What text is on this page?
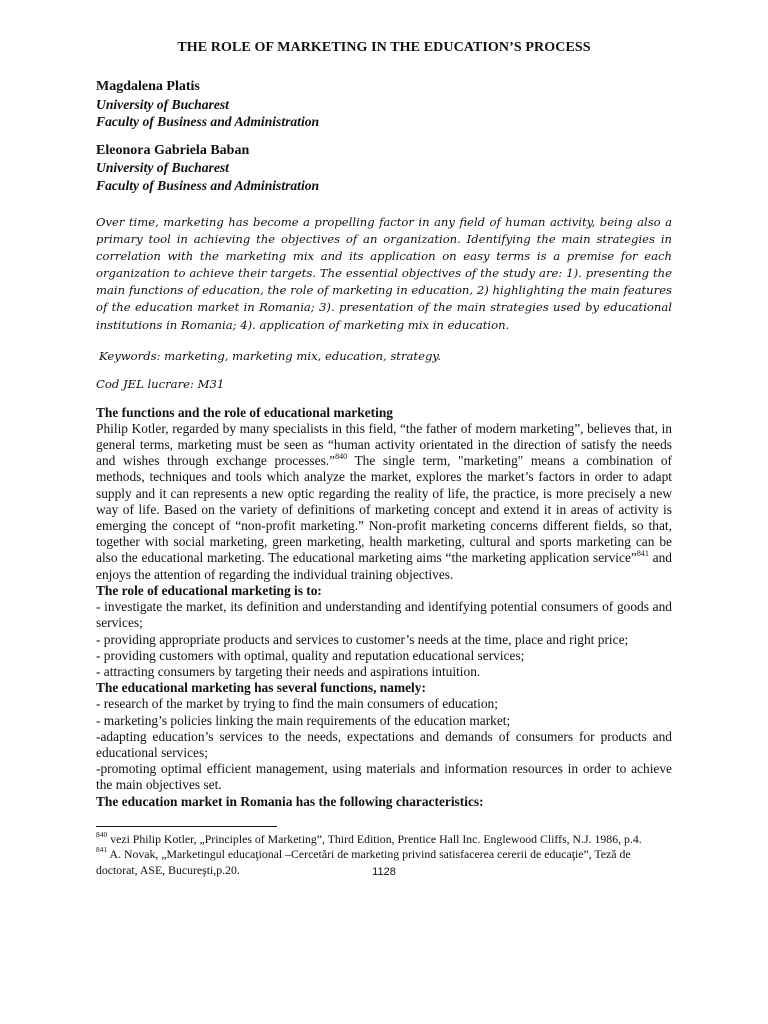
THE ROLE OF MARKETING IN THE EDUCATION’S PROCESS
Magdalena Platis
University of Bucharest
Faculty of Business and Administration
Eleonora Gabriela Baban
University of Bucharest
Faculty of Business and Administration
Over time, marketing has become a propelling factor in any field of human activity, being also a primary tool in achieving the objectives of an organization. Identifying the main strategies in correlation with the marketing mix and its application on easy terms is a premise for each organization to achieve their targets. The essential objectives of the study are: 1). presenting the main functions of education, the role of marketing in education, 2) highlighting the main features of the education market in Romania; 3). presentation of the main strategies used by educational institutions in Romania; 4). application of marketing mix in education.
Keywords: marketing, marketing mix, education, strategy.
Cod JEL lucrare: M31
The functions and the role of educational marketing

Philip Kotler, regarded by many specialists in this field, “the father of modern marketing”, believes that, in general terms, marketing must be seen as “human activity orientated in the direction of satisfy the needs and wishes through exchange processes.”$^{840}$ The single term, "marketing" means a combination of methods, techniques and tools which analyze the market, explores the market’s factors in order to adapt supply and it can represents a new optic regarding the reality of life, the practice, is more precisely a new way of life. Based on the variety of definitions of marketing concept and extend it in areas of activity is emerging the concept of “non-profit marketing.” Non-profit marketing concerns different fields, so that, together with social marketing, green marketing, health marketing, cultural and sports marketing can be also the educational marketing. The educational marketing aims “the marketing application service”$^{841}$ and enjoys the attention of regarding the individual training objectives.

The role of educational marketing is to:

- investigate the market, its definition and understanding and identifying potential consumers of goods and services;

- providing appropriate products and services to customer’s needs at the time, place and right price;

- providing customers with optimal, quality and reputation educational services;

- attracting consumers by targeting their needs and aspirations intuition.

The educational marketing has several functions, namely:

- research of the market by trying to find the main consumers of education;

- marketing’s policies linking the main requirements of the education market;

-adapting education’s services to the needs, expectations and demands of consumers for products and educational services;

-promoting optimal efficient management, using materials and information resources in order to achieve the main objectives set.

The education market in Romania has the following characteristics:
$^{840}$ vezi Philip Kotler, „Principles of Marketing”, Third Edition, Prentice Hall Inc. Englewood Cliffs, N.J. 1986, p.4.
$^{841}$ A. Novak, „Marketingul educaţional –Cercetări de marketing privind satisfacerea cererii de educaţie”, Teză de doctorat, ASE, Bucureşti,p.20.	1128
